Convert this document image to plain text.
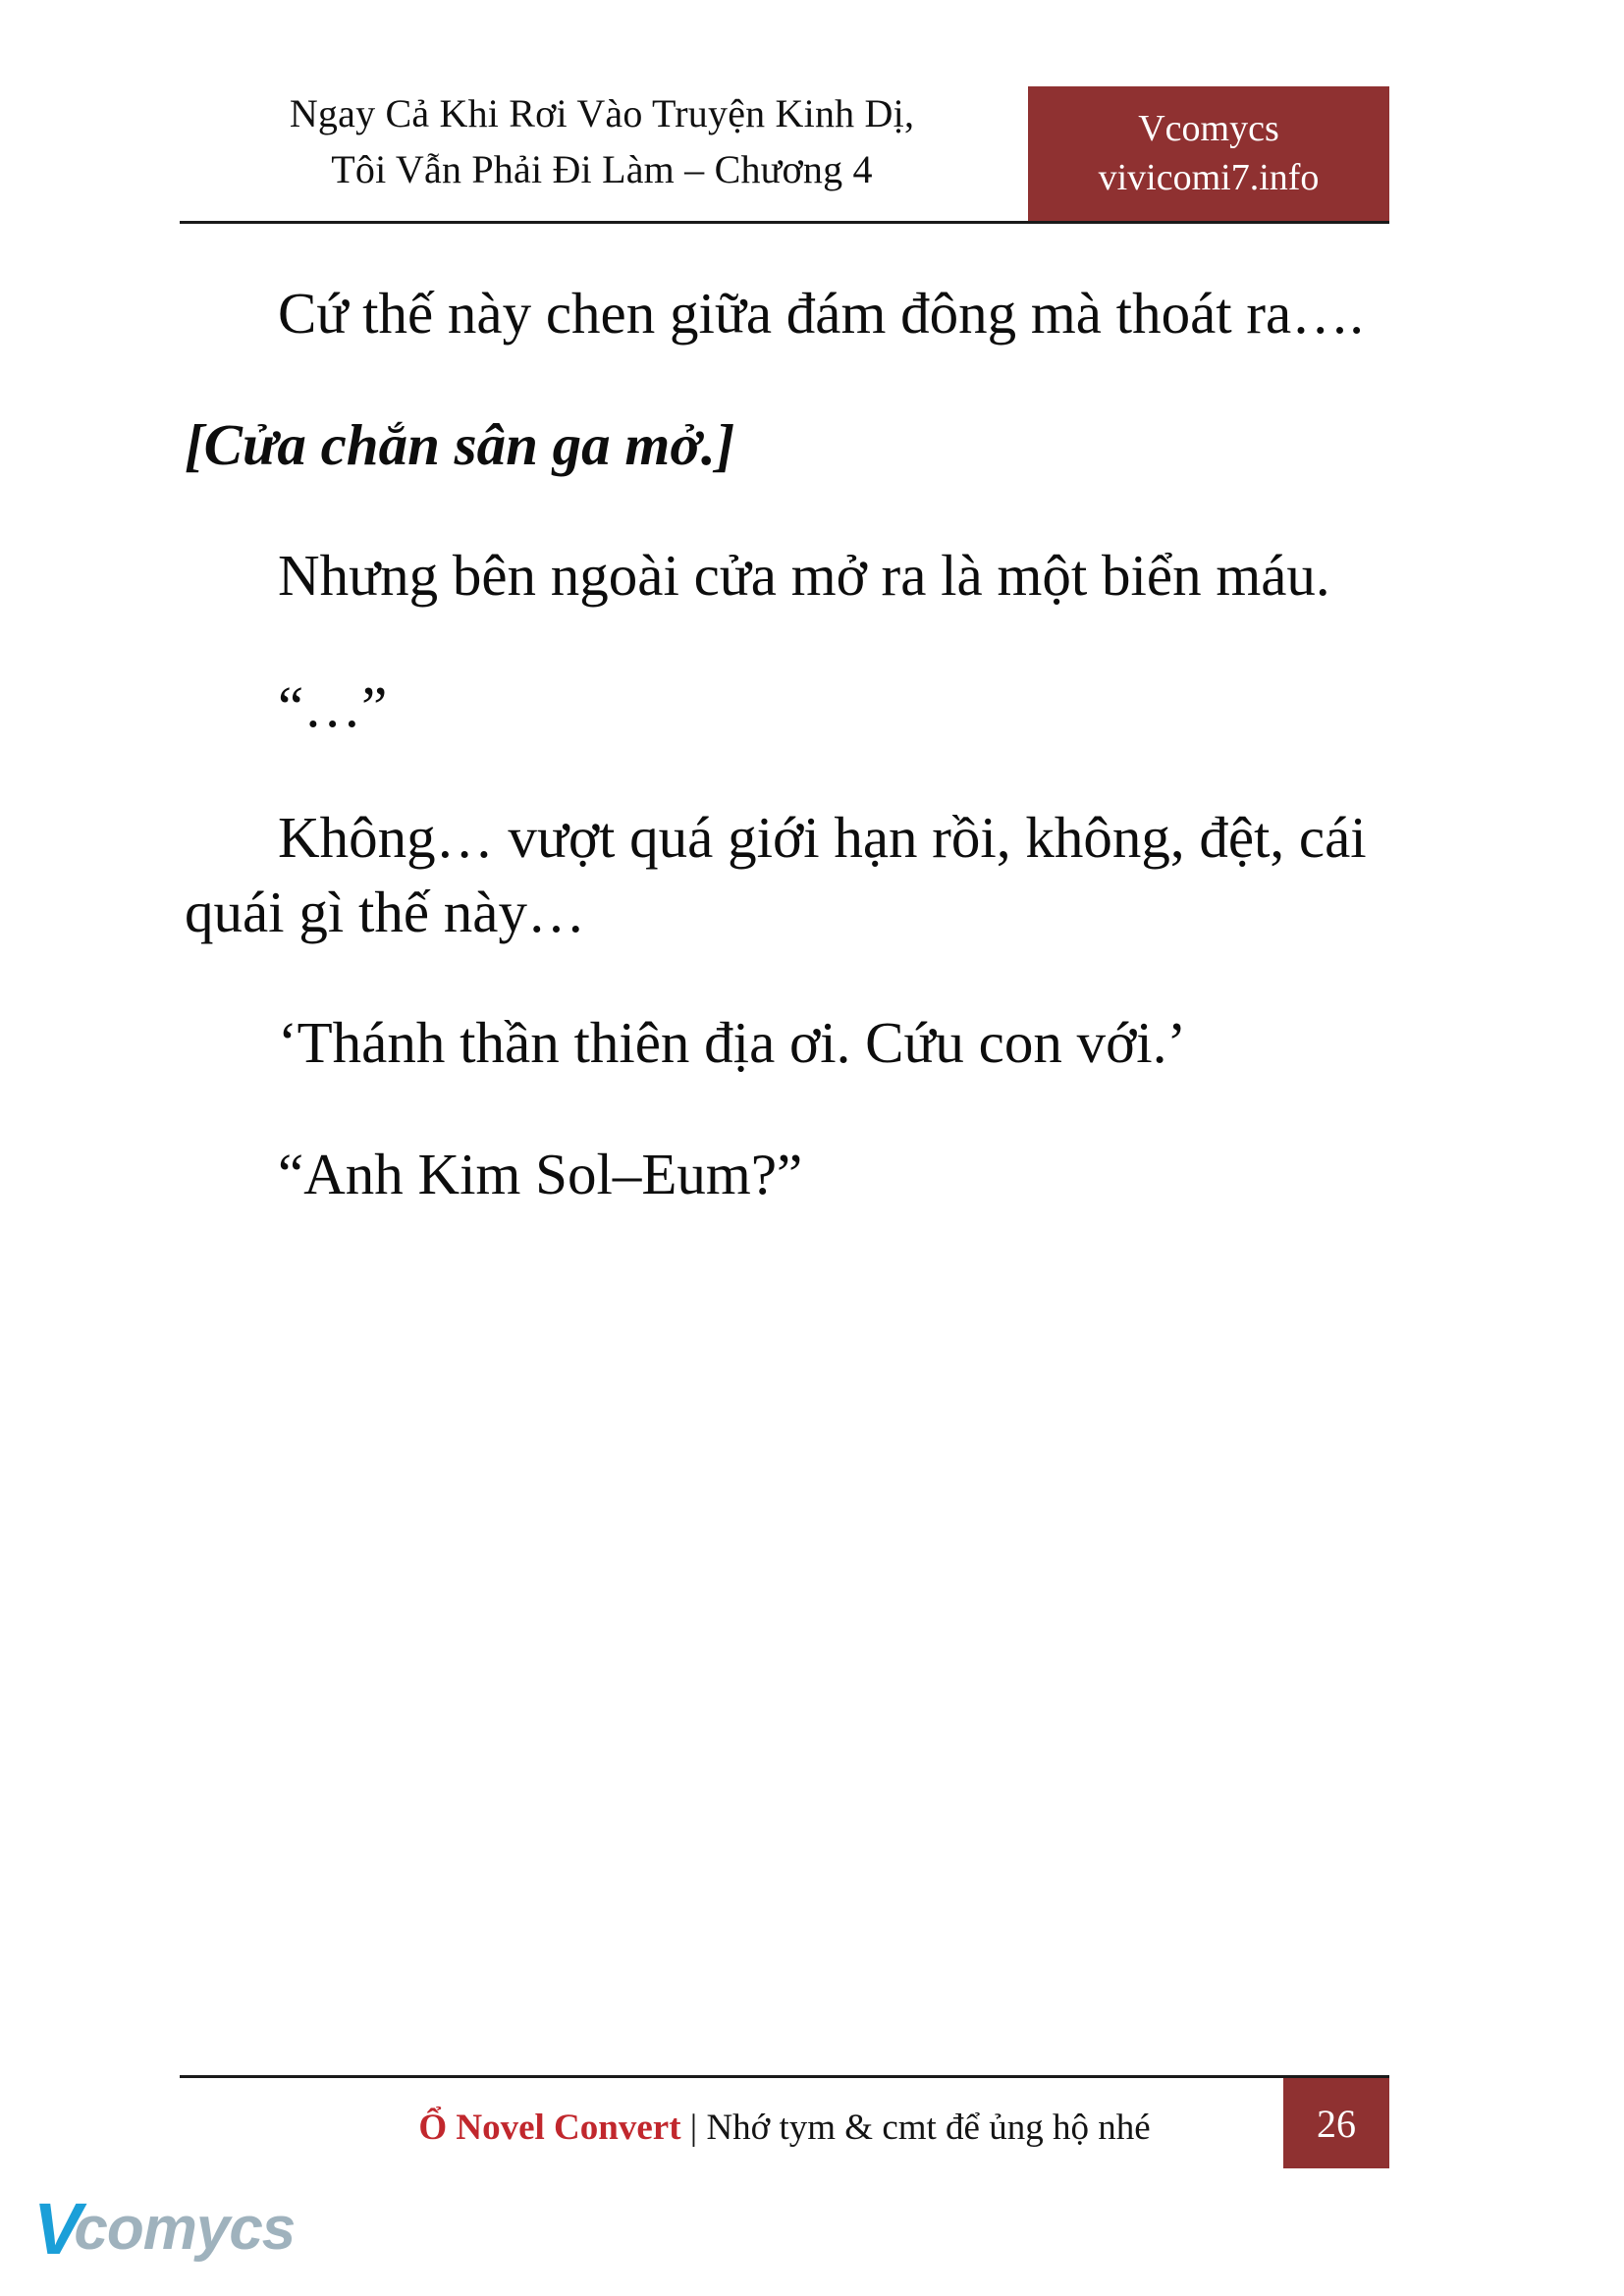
Ngay Cả Khi Rơi Vào Truyện Kinh Dị,
Tôi Vẫn Phải Đi Làm – Chương 4
Vcomycs
vivicomi7.info

Cứ thế này chen giữa đám đông mà thoát ra….

[Cửa chắn sân ga mở.]

Nhưng bên ngoài cửa mở ra là một biển máu.

“…”

Không… vượt quá giới hạn rồi, không, đệt, cái quái gì thế này…

‘Thánh thần thiên địa ơi. Cứu con với.’

“Anh Kim Sol–Eum?”

Ổ Novel Convert | Nhớ tym & cmt để ủng hộ nhé	26
V
comycs
